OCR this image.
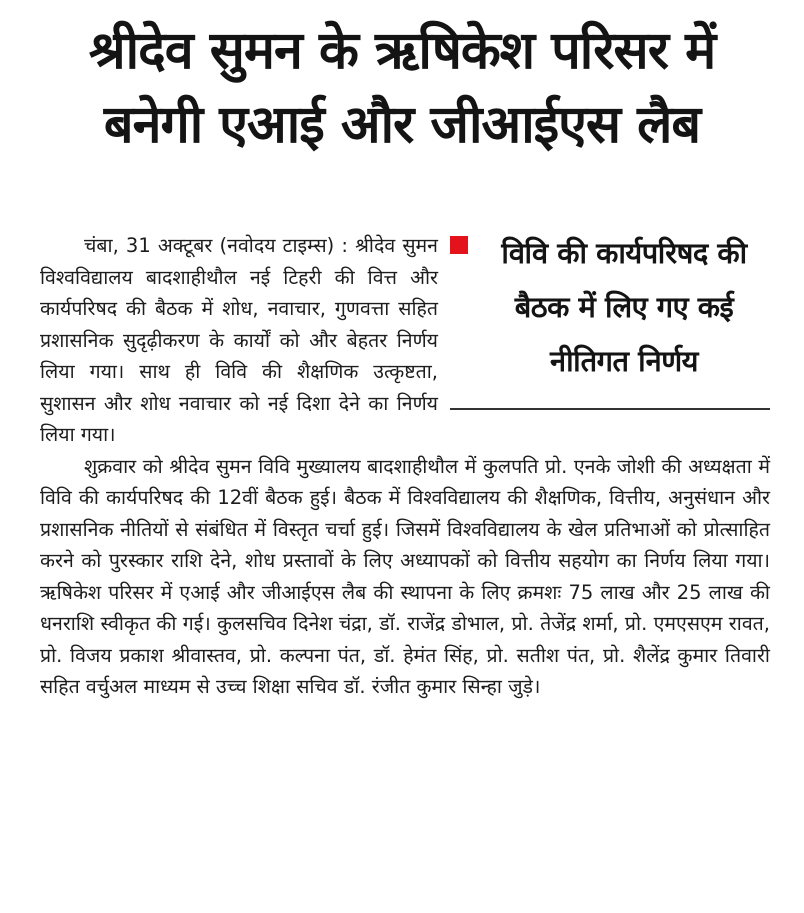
श्रीदेव सुमन के ऋषिकेश परिसर में
बनेगी एआई और जीआईएस लैब
विवि की कार्यपरिषद की बैठक में लिए गए कई नीतिगत निर्णय

चंबा, 31 अक्टूबर (नवोदय टाइम्स) : श्रीदेव सुमन विश्वविद्यालय बादशाहीथौल नई टिहरी की वित्त और कार्यपरिषद की बैठक में शोध, नवाचार, गुणवत्ता सहित प्रशासनिक सुदृढ़ीकरण के कार्यों को और बेहतर निर्णय लिया गया। साथ ही विवि की शैक्षणिक उत्कृष्टता, सुशासन और शोध नवाचार को नई दिशा देने का निर्णय लिया गया।

शुक्रवार को श्रीदेव सुमन विवि मुख्यालय बादशाहीथौल में कुलपति प्रो. एनके जोशी की अध्यक्षता में विवि की कार्यपरिषद की 12वीं बैठक हुई। बैठक में विश्वविद्यालय की शैक्षणिक, वित्तीय, अनुसंधान और प्रशासनिक नीतियों से संबंधित में विस्तृत चर्चा हुई। जिसमें विश्वविद्यालय के खेल प्रतिभाओं को प्रोत्साहित करने को पुरस्कार राशि देने, शोध प्रस्तावों के लिए अध्यापकों को वित्तीय सहयोग का निर्णय लिया गया। ऋषिकेश परिसर में एआई और जीआईएस लैब की स्थापना के लिए क्रमशः 75 लाख और 25 लाख की धनराशि स्वीकृत की गई। कुलसचिव दिनेश चंद्रा, डॉ. राजेंद्र डोभाल, प्रो. तेजेंद्र शर्मा, प्रो. एमएसएम रावत, प्रो. विजय प्रकाश श्रीवास्तव, प्रो. कल्पना पंत, डॉ. हेमंत सिंह, प्रो. सतीश पंत, प्रो. शैलेंद्र कुमार तिवारी सहित वर्चुअल माध्यम से उच्च शिक्षा सचिव डॉ. रंजीत कुमार सिन्हा जुड़े।
